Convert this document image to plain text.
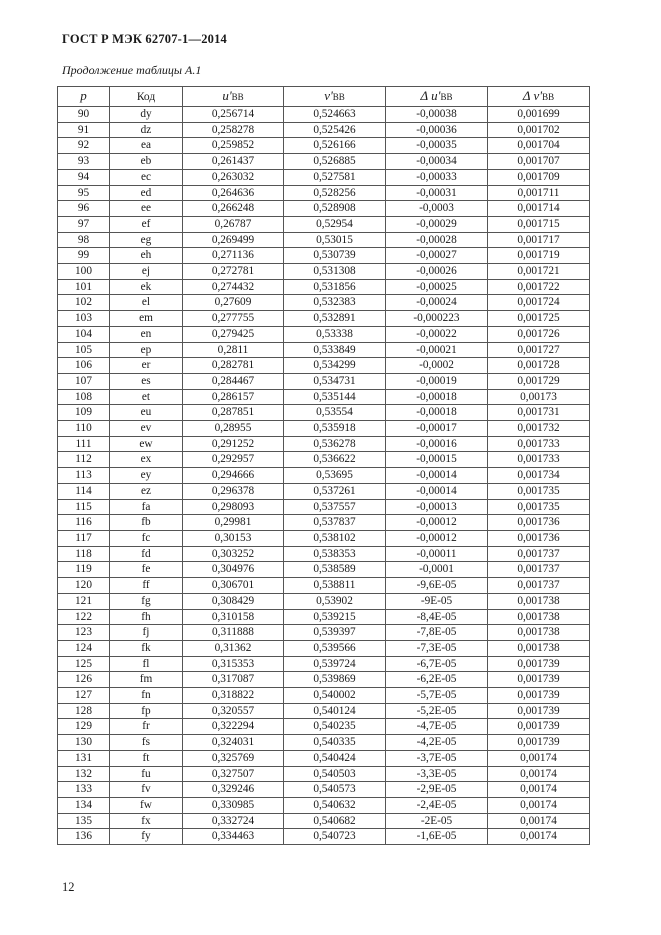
ГОСТ Р МЭК 62707-1—2014
Продолжение таблицы А.1
p	Код	u'BB	v'BB	Δ u'BB	Δ v'BB
90	dy	0,256714	0,524663	-0,00038	0,001699
91	dz	0,258278	0,525426	-0,00036	0,001702
92	ea	0,259852	0,526166	-0,00035	0,001704
93	eb	0,261437	0,526885	-0,00034	0,001707
94	ec	0,263032	0,527581	-0,00033	0,001709
95	ed	0,264636	0,528256	-0,00031	0,001711
96	ee	0,266248	0,528908	-0,0003	0,001714
97	ef	0,26787	0,52954	-0,00029	0,001715
98	eg	0,269499	0,53015	-0,00028	0,001717
99	eh	0,271136	0,530739	-0,00027	0,001719
100	ej	0,272781	0,531308	-0,00026	0,001721
101	ek	0,274432	0,531856	-0,00025	0,001722
102	el	0,27609	0,532383	-0,00024	0,001724
103	em	0,277755	0,532891	-0,000223	0,001725
104	en	0,279425	0,53338	-0,00022	0,001726
105	ep	0,2811	0,533849	-0,00021	0,001727
106	er	0,282781	0,534299	-0,0002	0,001728
107	es	0,284467	0,534731	-0,00019	0,001729
108	et	0,286157	0,535144	-0,00018	0,00173
109	eu	0,287851	0,53554	-0,00018	0,001731
110	ev	0,28955	0,535918	-0,00017	0,001732
111	ew	0,291252	0,536278	-0,00016	0,001733
112	ex	0,292957	0,536622	-0,00015	0,001733
113	ey	0,294666	0,53695	-0,00014	0,001734
114	ez	0,296378	0,537261	-0,00014	0,001735
115	fa	0,298093	0,537557	-0,00013	0,001735
116	fb	0,29981	0,537837	-0,00012	0,001736
117	fc	0,30153	0,538102	-0,00012	0,001736
118	fd	0,303252	0,538353	-0,00011	0,001737
119	fe	0,304976	0,538589	-0,0001	0,001737
120	ff	0,306701	0,538811	-9,6E-05	0,001737
121	fg	0,308429	0,53902	-9E-05	0,001738
122	fh	0,310158	0,539215	-8,4E-05	0,001738
123	fj	0,311888	0,539397	-7,8E-05	0,001738
124	fk	0,31362	0,539566	-7,3E-05	0,001738
125	fl	0,315353	0,539724	-6,7E-05	0,001739
126	fm	0,317087	0,539869	-6,2E-05	0,001739
127	fn	0,318822	0,540002	-5,7E-05	0,001739
128	fp	0,320557	0,540124	-5,2E-05	0,001739
129	fr	0,322294	0,540235	-4,7E-05	0,001739
130	fs	0,324031	0,540335	-4,2E-05	0,001739
131	ft	0,325769	0,540424	-3,7E-05	0,00174
132	fu	0,327507	0,540503	-3,3E-05	0,00174
133	fv	0,329246	0,540573	-2,9E-05	0,00174
134	fw	0,330985	0,540632	-2,4E-05	0,00174
135	fx	0,332724	0,540682	-2E-05	0,00174
136	fy	0,334463	0,540723	-1,6E-05	0,00174
12
